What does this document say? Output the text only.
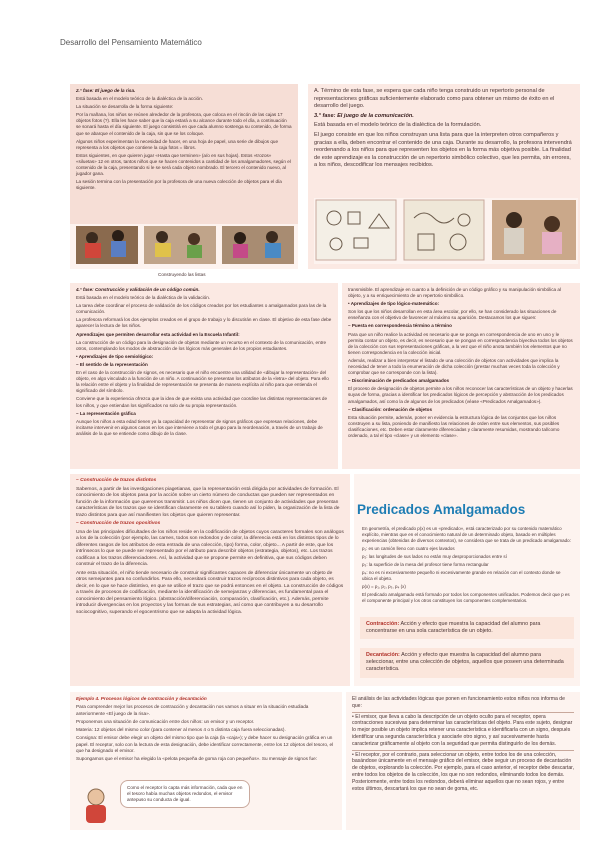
Desarrollo del Pensamiento Matemático

2.° fase: El juego de la risa.

Está basada en el modelo teórico de la dialéctica de la acción.

La situación se desarrolla de la forma siguiente:

Por la mañana, los niños se reúnen alrededor de la profesora, que coloca en el rincón de las cajas 17 objetos fotos (?). Ella les hace saber que la caja estará a su alcance durante todo el día, a continuación se sonará hasta el día siguiente. El juego consistirá en que cada alumno sostenga su contenido, de forma que se abarque el contenido de la caja, sin que se los coloque.

Algunos niños experimentan la necesidad de hacer, en una hoja de papel, una serie de dibujos que representa a los objetos que contiene la caja fotos = libros.

Estos siguientes, en que quieren jugar «Hasta que terminen» (a/o en sus hojas). Estos «trozos» «siluetas» 12 en otros, tantos niños que se hacen contenidos a cantidad de los amalgamadores, según el contenido de la caja, presentando si le se será cada objeto nombrado. El tercero el contenido nuevo, al jugador gana.

La sesión termina con la presentación por la profesora de una nueva colección de objetos para el día siguiente.

Construyendo las listas

A. Término de esta fase, se espera que cada niño tenga construido un repertorio personal de representaciones gráficas suficientemente elaborado como para obtener un mismo de éxito en el desarrollo del juego.

3.° fase: El juego de la comunicación.

Está basada en el modelo teórico de la dialéctica de la formulación.

El juego consiste en que los niños construyan una lista para que la interpreten otros compañeros y gracias a ella, deben encontrar el contenido de una caja. Durante su desarrollo, la profesora intervendrá reordenando a los niños para que representen los objetos en la forma más objetiva posible. La finalidad de este aprendizaje es la construcción de un repertorio simbólico colectivo, que les permita, sin errores, a los niños, descodificar los mensajes recibidos.

4.° fase: Construcción y validación de un código común.

Está basada en el modelo teórico de la dialéctica de la validación.

La tarea debe coordinar el proceso de validación de los códigos creados por los estudiantes o amalgamados para las de la comunicación.

La profesora reformará los dos ejemplos creados en el grupo de trabajo y lo discutirán en clase. El objetivo de esta fase debe aparecer la lectura de los niños.

Aprendizajes que permiten desarrollar esta actividad en la Escuela Infantil:

La construcción de un código para la designación de objetos mediante un recurso en el contexto de la comunicación, entre otros, contemplando los modos de abstracción de los lógicos más generales de los propios estudiantes.

• Aprendizajes de tipo semiológico:

– El sentido de la representación

En el caso de la construcción de signos, es necesario que el niño encuentre una utilidad de «dibujar la representación» del objeto, en algo vinculado a la función de un niño. A continuación se presentan los atributos de la «letra» del objeto. Para ello la relación entre el objeto y la finalidad de representación se presenta de manera explícita al niño para que entienda el significado del símbolo.

Conviene que la experiencia ofrezca que la idea de que exista una actividad que coordine las distintas representaciones de los niños, y que entiendan los significados no solo de su propia representación.

– La representación gráfica

Aunque los niños a esta edad tienen ya la capacidad de representar de signos gráficos que expresan relaciones, debe incitarse intervenir en algunos casos en los que interviene a todo el grupo para la reordenación, a través de un trabajo de análisis de la que se entiende como dibujo de la clase.

transmisible. El aprendizaje en cuanto a la definición de un código gráfico y su manipulación simbólica al objeto, y a su enriquecimiento de un repertorio simbólico.

• Aprendizajes de tipo lógico-matemático:

Son los que los niños desarrollan en esta área escolar, por ello, se han considerado las situaciones de enseñanza con el objetivo de favorecer al máximo su aparición. Destacamos los que siguen:

– Puesta en correspondencia término a término

Para que un niño realice la actividad es necesario que se ponga en correspondencia de uno en uno y le permita contar un objeto, es decir, es necesario que se pongan en correspondencia biyectiva todos los objetos de la colección con sus representaciones gráficas, a la vez que el niño anota también los elementos que no tienen correspondencia en la colección inicial.

Además, realizar a bien interpretar el listado de una colección de objetos con actividades que implica la necesidad de tener a todo la enumeración de dicha colección (prestar muchas veces toda la colección y comprobar que se corresponde con la lista).

– Discriminación de predicados amalgamados

El proceso de designación de objetos permite a los niños reconocer las características de un objeto y hacerlas suyas de forma, gracias a identificar los predicados lógicos de percepción y abstracción de los predicados amalgamados, así como la de algunos de los predicados (véase «Predicados Amalgamados»).

– Clasificación: ordenación de objetos

Esta situación permite, además, poner en evidencia la estructura lógica de las conjuntos que los niños construyen a su lista, poniendo de manifiesto las relaciones de orden entre sus elementos, sus posibles clasificaciones, etc. Deben estar claramente diferenciadas y claramente resumidas, mostrando tal/como ordenado, a tal el tipo «clase» y un elemento «clase».

– Construcción de trazos distintos

Sabemos, a partir de las investigaciones piagetianas, que la representación está dirigida por actividades de formación. El conocimiento de los objetos pasa por la acción sobre un cierto número de conductas que pueden ser representados en función de la información que queremos transmitir. Los niños dicen que, tienen un conjunto de actividades que presentan características de los trazos que se identifican claramente en su tablero cuando así lo piden, la organización de la lista de trazo distintos para que así manifiesten los objetos que quieren representar.

– Construcción de trazos opositivos

Una de las principales dificultades de los niños reside en la codificación de objetos cuyos caracteres formales son análogos a los de la colección (por ejemplo, las carnes, todos son redondos y de color, la diferencia está en los distintos tipos de lo diferentes rasgos de los atributos de esta entrada de una colección, tipo) forma, color, objeto... A partir de este, que los intrínsecos lo que se puede ser representado por el atributo para describir objetos (estrategia, objetos), etc. Los trazos codifican a los trazos diferenciadores. Así, la actividad que se propone permite en definitiva, que sus códigos deben construir el trazo de la diferencia.

Ante esta situación, el niño tiende necesario de construir significantes capaces de diferenciar únicamente un objeto de otros semejantes para no confundirlos. Para ello, necesitará construir trazos recíprocos distintivos para cada objeto, es decir, en lo que se hace distintivo, en que se utilice el trazo que se podrá entonces en el objeto. La construcción de códigos a través de procesos de codificación, mediante la identificación de semejanzas y diferencias, es fundamental para el conocimiento del pensamiento lógico. (abstracción/diferenciación, comparación, clasificación, etc.). Además, permite introducir divergencias en los proyectos y las formas de sus estrategias, así como que contribuyen a su desarrollo sociocognitivo, superando el egocentrismo que se adapta la actividad lógica.

Predicados Amalgamados

En geometría, el predicado p(x) es un «predicado», está caracterizado por su contenido matemático explícito, mientras que en el conocimiento natural de un determinado objeto, basado en múltiples experiencias (obtenidas de diversos contextos), se considera que se trata de un predicado amalgamado:

p₁: es un camión lleno con cuatro ejes lavados

p₂: las longitudes de sus lados no están muy desproporcionados entre sí

p₃: la superficie de la mesa del profesor tiene forma rectangular

p₄: no es ni excesivamente pequeño ni excesivamente grande en relación con el contexto donde se ubica el objeto.

p(x) = p₁, p₂, p₃, p₄ (x)

El predicado amalgamado está formado por todos los componentes unificados. Podemos decir que p es el componente principal y los otros constituyen los componentes complementarios.

Contracción: Acción y efecto que muestra la capacidad del alumno para concentrarse en una sola característica de un objeto.
Decantación: Acción y efecto que muestra la capacidad del alumno para seleccionar, entre una colección de objetos, aquellos que poseen una determinada característica.

Ejemplo 4. Procesos lógicos de contracción y decantación

Para comprender mejor los procesos de contracción y decantación nos vamos a situar en la situación estudiada anteriormente «El juego de la risa».

Proponemos una situación de comunicación entre dos niños: un emisor y un receptor.

Materia: 12 objetos del mismo color (para contener al menos 4 o 5 distinta caja fuera seleccionadas).

Consigna: El emisor debe elegir un objeto del mismo tipo que la caja (la «caja»); y debe hacer su designación gráfica en un papel. El receptor, solo con la lectura de esta designación, debe identificar correctamente, entre los 12 objetos del tesoro, el que ha designado el emisor.

Supongamos que el emisor ha elegido la «pelota pequeña de goma roja con pequeños». Su mensaje de signos fue:

Como el receptor lo capta más información, cada que en el tesoro había muchas objetos redondos, el emisor antepuso su conducta de igual.

El análisis de las actividades lógicas que ponen en funcionamiento estos niños nos informa de que:

• El emisor, que lleva a cabo la descripción de un objeto oculto para el receptor, opera contracciones sucesivas para determinar las características del objeto. Para este sujeto, designar lo mejor posible un objeto implica retener una característica e identificarla con un signo, después identificar una segunda característica y asociarle otro signo, y así sucesivamente hasta caracterizar gráficamente al objeto con la seguridad que permita distinguirlo de los demás.

• El receptor, por el contrario, para seleccionar un objeto, entre todos los de una colección, basándose únicamente en el mensaje gráfico del emisor, debe seguir un proceso de decantación de objetos, explorando la colección. Por ejemplo, para el caso anterior, el receptor debe descartar, entre todos los objetos de la colección, los que no son redondos, eliminando todos los demás. Posteriormente, entre todos los redondos, deberá eliminar aquellos que no sean rojos, y entre estos últimos, descartará los que no sean de goma, etc.
